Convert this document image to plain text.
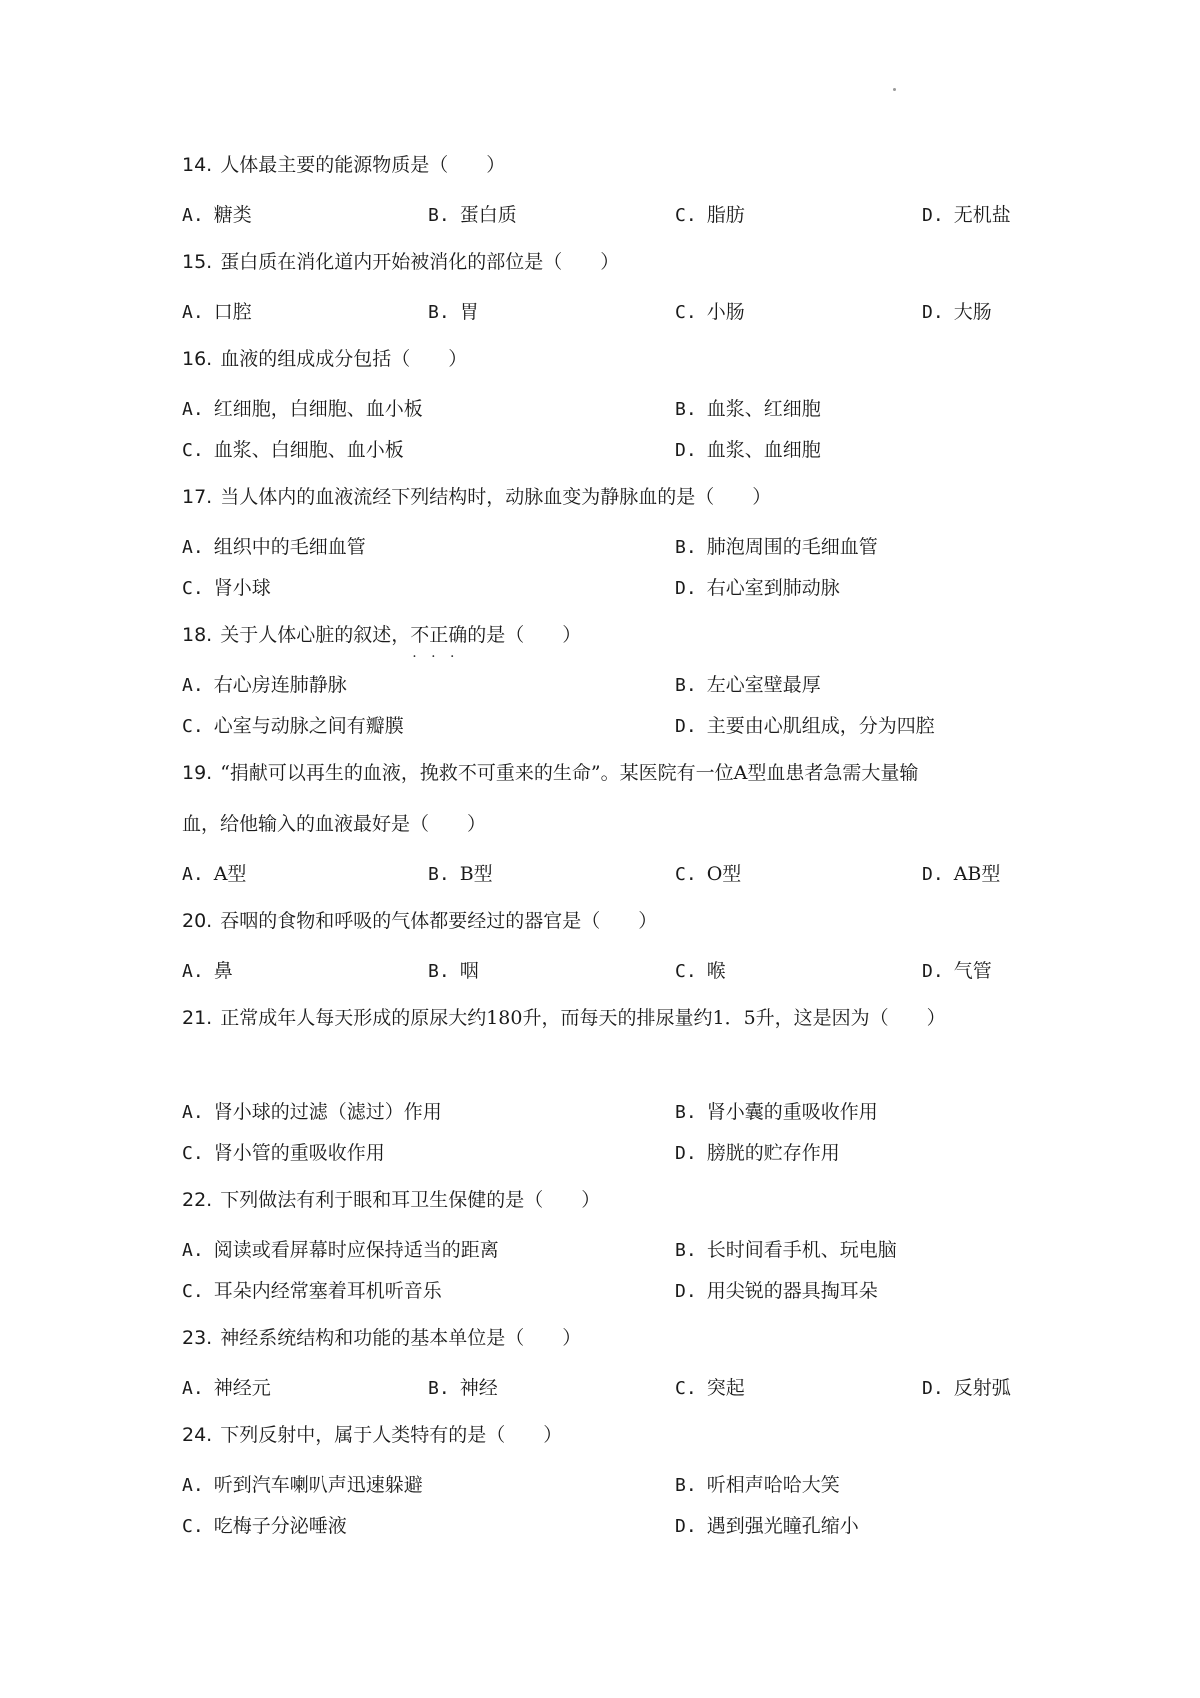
14. 人体最主要的能源物质是（　　）
A. 糖类	B. 蛋白质	C. 脂肪	D. 无机盐
15. 蛋白质在消化道内开始被消化的部位是（　　）
A. 口腔	B. 胃	C. 小肠	D. 大肠
16. 血液的组成成分包括（　　）
A. 红细胞，白细胞、血小板	B. 血浆、红细胞
C. 血浆、白细胞、血小板	D. 血浆、血细胞
17. 当人体内的血液流经下列结构时，动脉血变为静脉血的是（　　）
A. 组织中的毛细血管	B. 肺泡周围的毛细血管
C. 肾小球	D. 右心室到肺动脉
18. 关于人体心脏的叙述，不正确 · · ·的是（　　）
A. 右心房连肺静脉	B. 左心室壁最厚
C. 心室与动脉之间有瓣膜	D. 主要由心肌组成，分为四腔
19. “捐献可以再生的血液，挽救不可重来的生命”。某医院有一位A型血患者急需大量输
血，给他输入的血液最好是（　　）
A. A型	B. B型	C. O型	D. AB型
20. 吞咽的食物和呼吸的气体都要经过的器官是（　　）
A. 鼻	B. 咽	C. 喉	D. 气管
21. 正常成年人每天形成的原尿大约180升，而每天的排尿量约1．5升，这是因为（　　）
A. 肾小球的过滤（滤过）作用	B. 肾小囊的重吸收作用
C. 肾小管的重吸收作用	D. 膀胱的贮存作用
22. 下列做法有利于眼和耳卫生保健的是（　　）
A. 阅读或看屏幕时应保持适当的距离	B. 长时间看手机、玩电脑
C. 耳朵内经常塞着耳机听音乐	D. 用尖锐的器具掏耳朵
23. 神经系统结构和功能的基本单位是（　　）
A. 神经元	B. 神经	C. 突起	D. 反射弧
24. 下列反射中，属于人类特有的是（　　）
A. 听到汽车喇叭声迅速躲避	B. 听相声哈哈大笑
C. 吃梅子分泌唾液	D. 遇到强光瞳孔缩小
